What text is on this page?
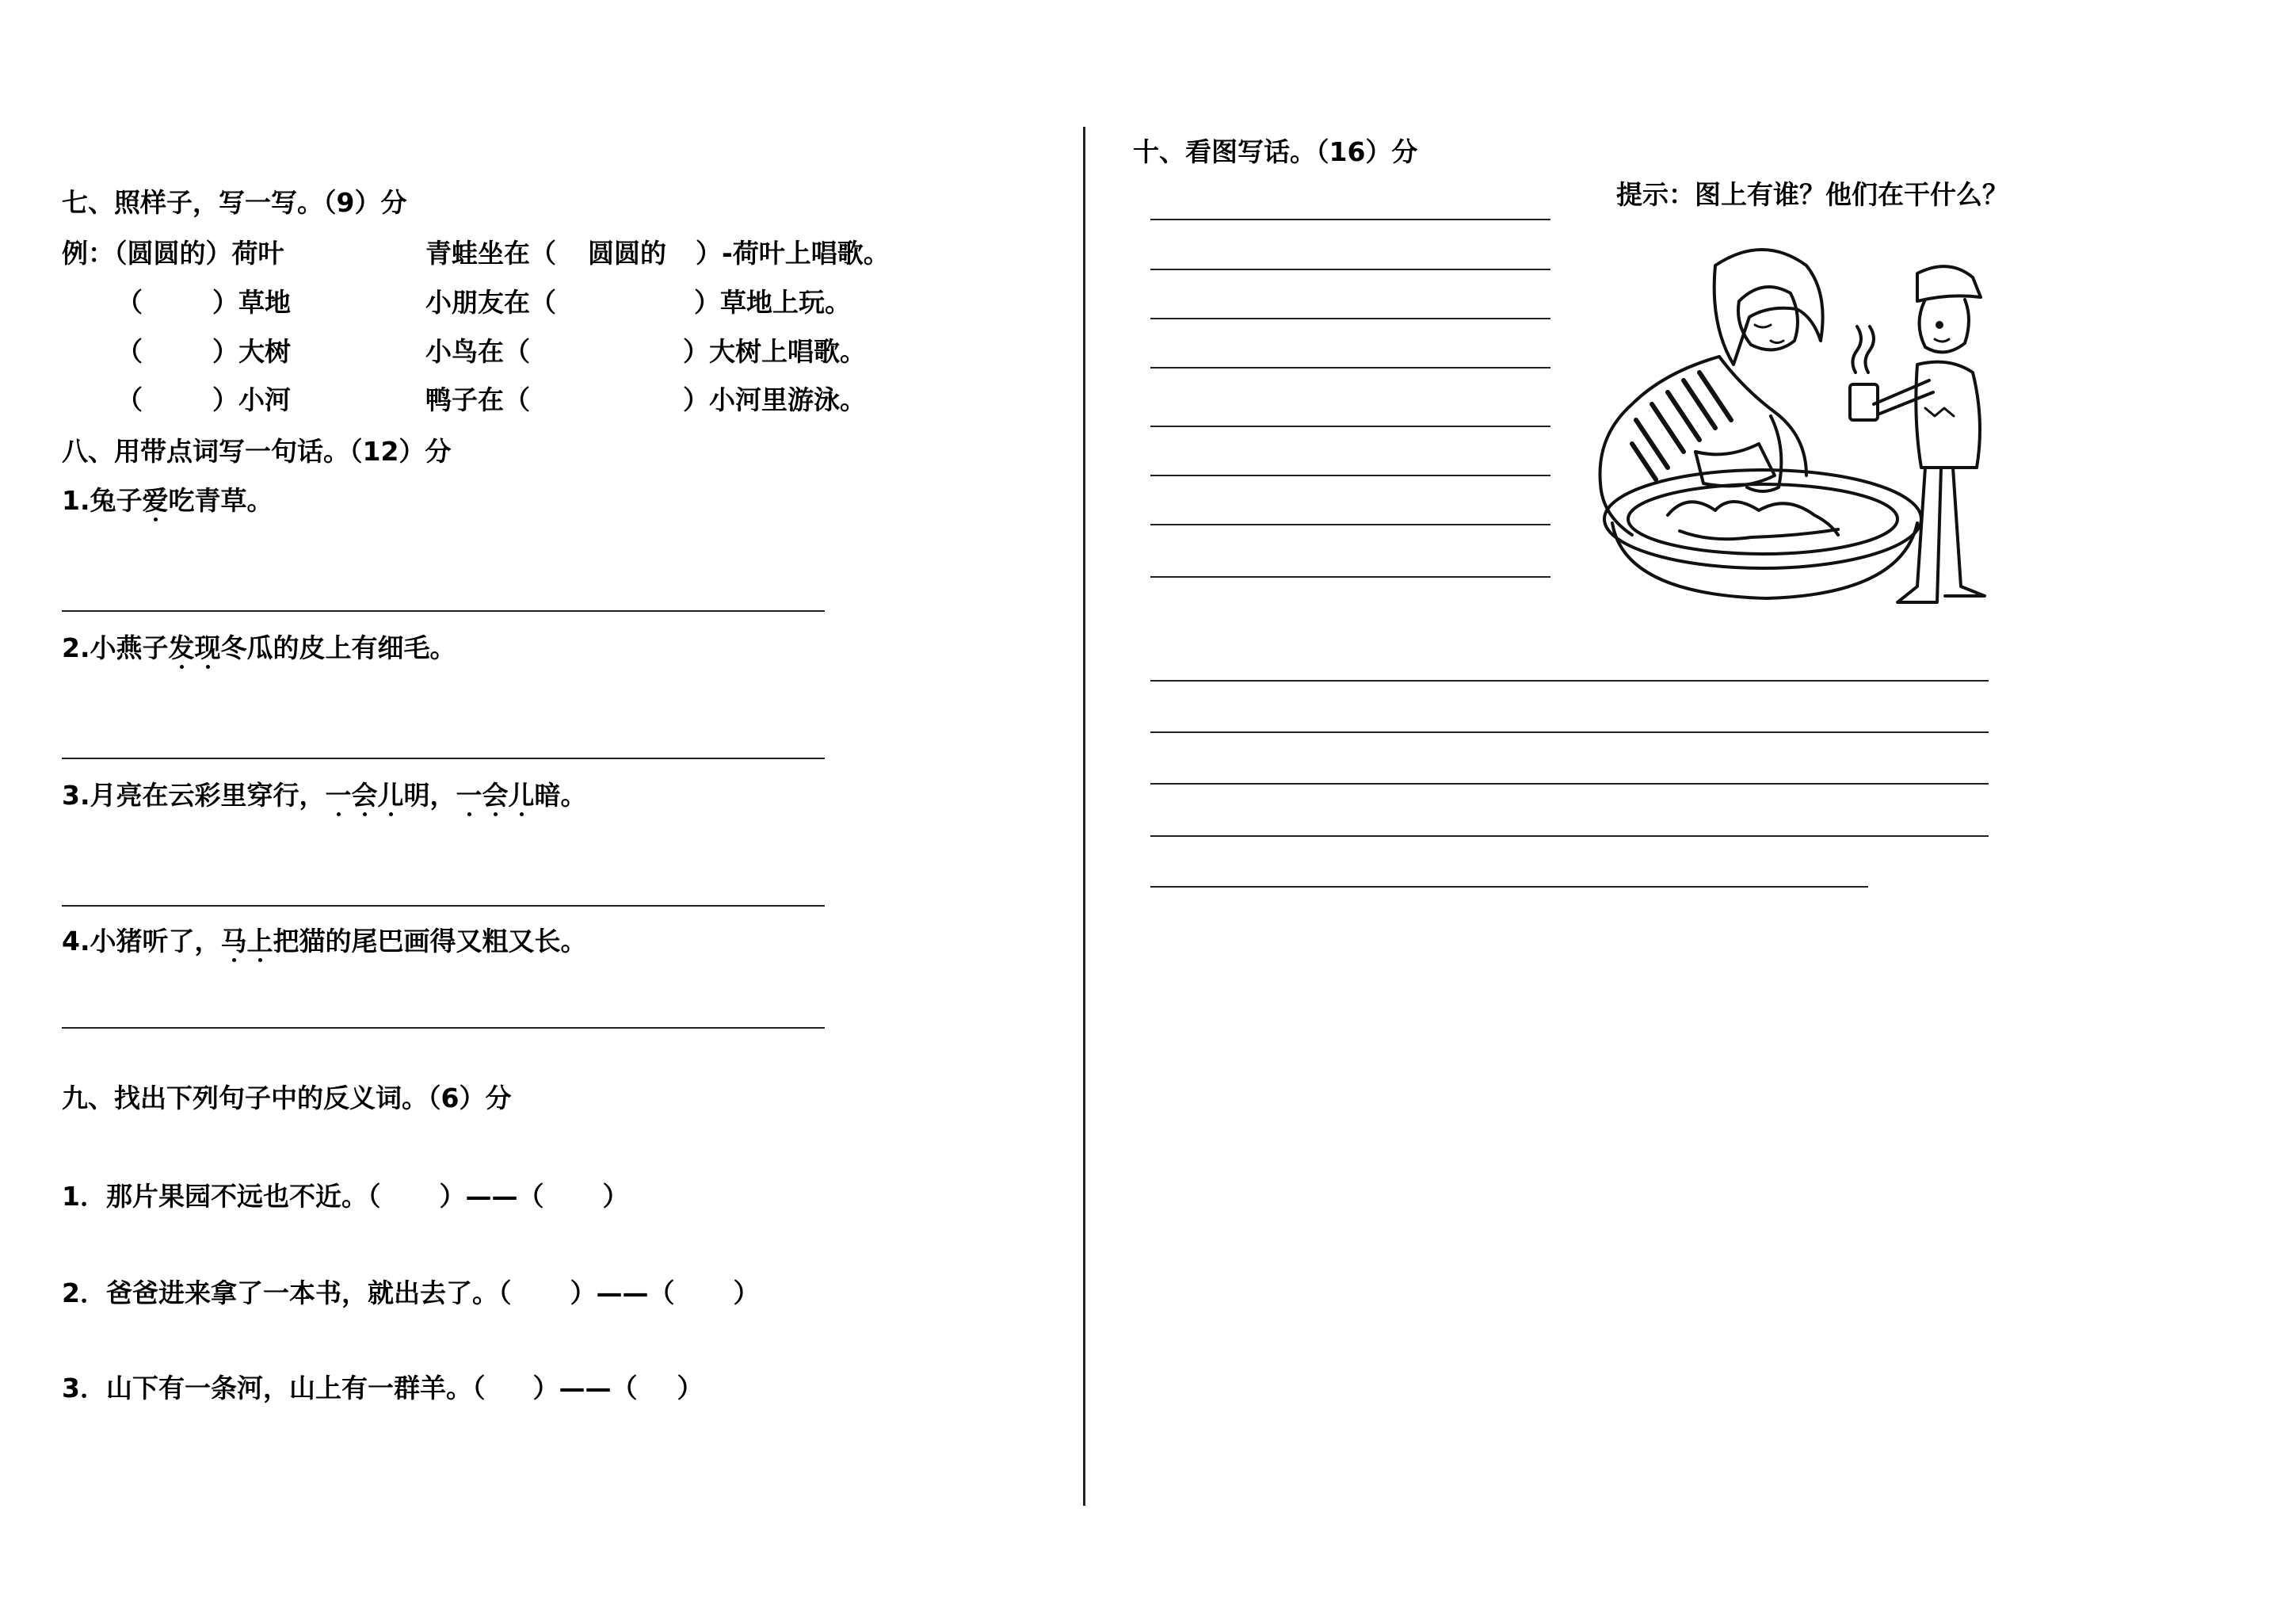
七、照样子，写一写。（9）分
例：（圆圆的）荷叶	青蛙坐在（ 圆圆的 ）-荷叶上唱歌。
（	）草地	小朋友在（	）草地上玩。
（	）大树	小鸟在（	）大树上唱歌。
（	）小河	鸭子在（	）小河里游泳。
八、用带点词写一句话。（12）分
1.兔子爱吃青草。
2.小燕子发现冬瓜的皮上有细毛。
3.月亮在云彩里穿行，一会儿明，一会儿暗。
4.小猪听了，马上把猫的尾巴画得又粗又长。
九、找出下列句子中的反义词。（6）分
1．那片果园不远也不近。（ ）——（ ）
2．爸爸进来拿了一本书，就出去了。（ ）——（ ）
3．山下有一条河，山上有一群羊。（ ）——（ ）
十、看图写话。（16）分
提示：图上有谁？他们在干什么？
